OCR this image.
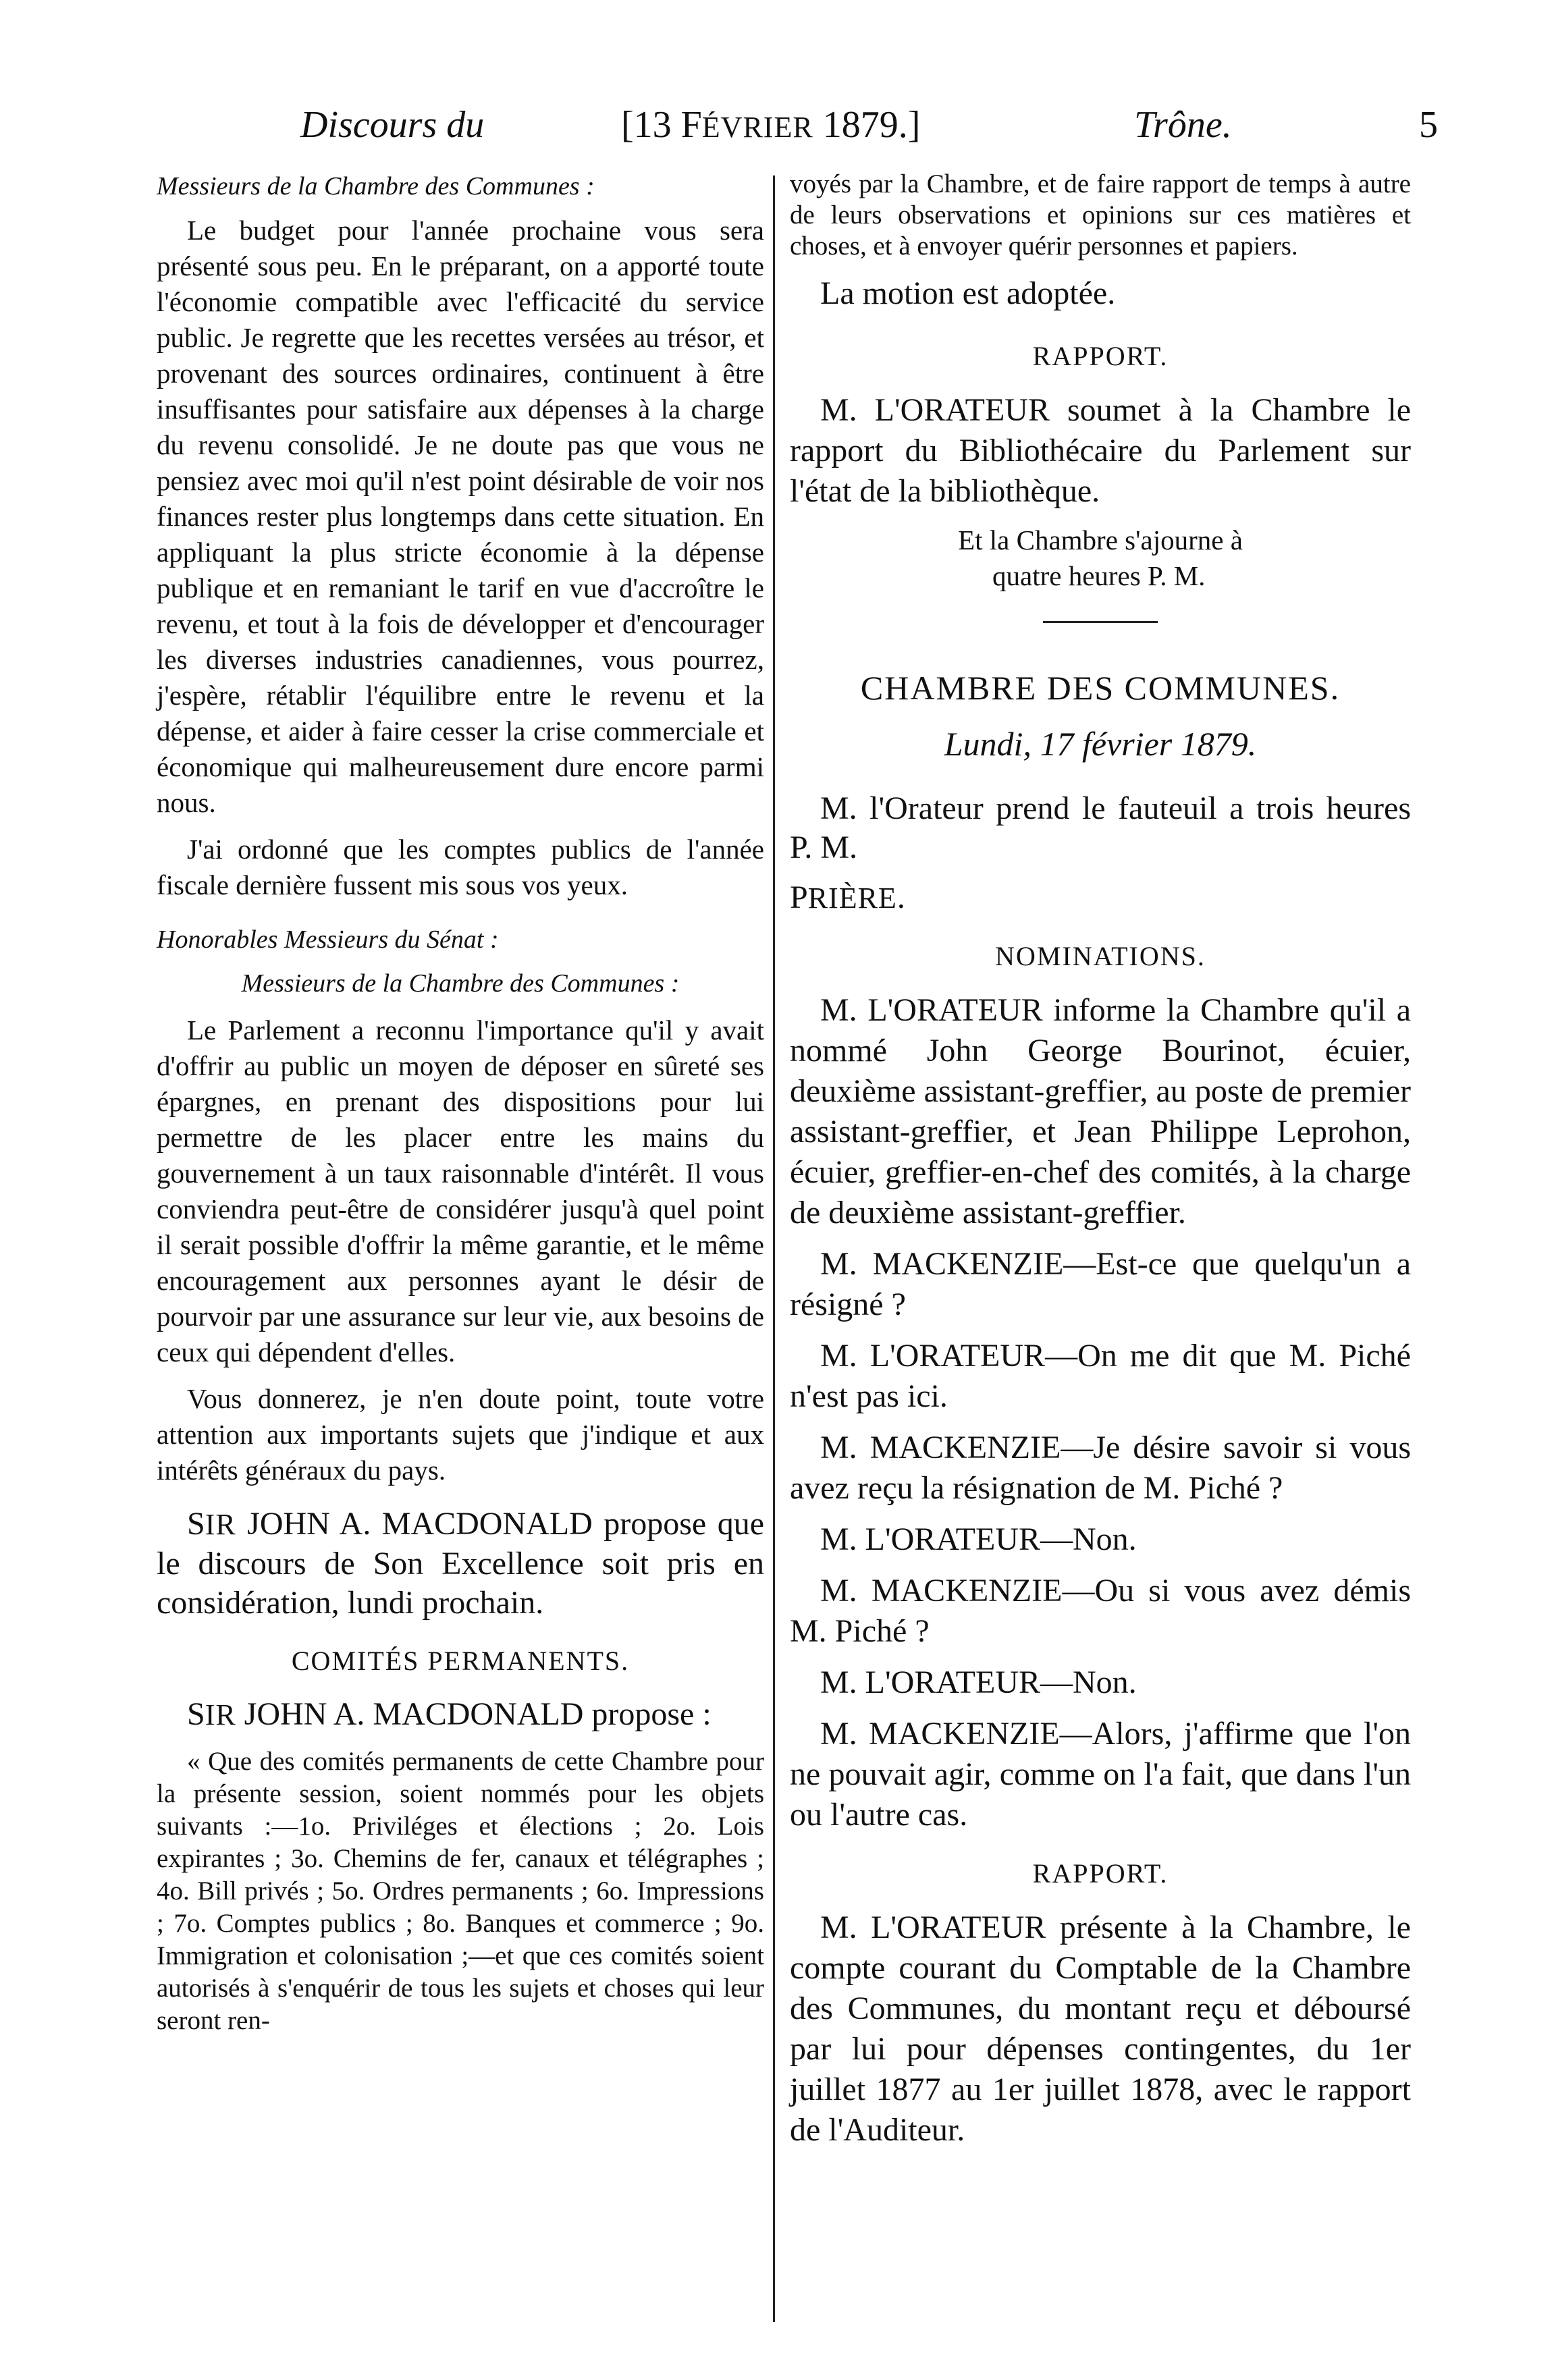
Discours du	[13 FÉVRIER 1879.]	Trône.	5

Messieurs de la Chambre des Communes :

Le budget pour l'année prochaine vous sera présenté sous peu. En le préparant, on a apporté toute l'économie compatible avec l'efficacité du service public. Je regrette que les recettes versées au trésor, et provenant des sources ordinaires, continuent à être insuffisantes pour satisfaire aux dépenses à la charge du revenu consolidé. Je ne doute pas que vous ne pensiez avec moi qu'il n'est point désirable de voir nos finances rester plus longtemps dans cette situation. En appliquant la plus stricte économie à la dépense publique et en remaniant le tarif en vue d'accroître le revenu, et tout à la fois de développer et d'encourager les diverses industries canadiennes, vous pourrez, j'espère, rétablir l'équilibre entre le revenu et la dépense, et aider à faire cesser la crise commerciale et économique qui malheureusement dure encore parmi nous.

J'ai ordonné que les comptes publics de l'année fiscale dernière fussent mis sous vos yeux.

Honorables Messieurs du Sénat :

Messieurs de la Chambre des Communes :

Le Parlement a reconnu l'importance qu'il y avait d'offrir au public un moyen de déposer en sûreté ses épargnes, en prenant des dispositions pour lui permettre de les placer entre les mains du gouvernement à un taux raisonnable d'intérêt. Il vous conviendra peut-être de considérer jusqu'à quel point il serait possible d'offrir la même garantie, et le même encouragement aux personnes ayant le désir de pourvoir par une assurance sur leur vie, aux besoins de ceux qui dépendent d'elles.

Vous donnerez, je n'en doute point, toute votre attention aux importants sujets que j'indique et aux intérêts généraux du pays.

SIR JOHN A. MACDONALD propose que le discours de Son Excellence soit pris en considération, lundi prochain.

COMITÉS PERMANENTS.

SIR JOHN A. MACDONALD propose :

« Que des comités permanents de cette Chambre pour la présente session, soient nommés pour les objets suivants :—1o. Priviléges et élections ; 2o. Lois expirantes ; 3o. Chemins de fer, canaux et télégraphes ; 4o. Bill privés ; 5o. Ordres permanents ; 6o. Impressions ; 7o. Comptes publics ; 8o. Banques et commerce ; 9o. Immigration et colonisation ;—et que ces comités soient autorisés à s'enquérir de tous les sujets et choses qui leur seront ren-

voyés par la Chambre, et de faire rapport de temps à autre de leurs observations et opinions sur ces matières et choses, et à envoyer quérir personnes et papiers.

La motion est adoptée.

RAPPORT.

M. L'ORATEUR soumet à la Chambre le rapport du Bibliothécaire du Parlement sur l'état de la bibliothèque.

Et la Chambre s'ajourne à

quatre heures P. M.

CHAMBRE DES COMMUNES.

Lundi, 17 février 1879.

M. l'Orateur prend le fauteuil a trois heures P. M.

PRIÈRE.

NOMINATIONS.

M. L'ORATEUR informe la Chambre qu'il a nommé John George Bourinot, écuier, deuxième assistant-greffier, au poste de premier assistant-greffier, et Jean Philippe Leprohon, écuier, greffier-en-chef des comités, à la charge de deuxième assistant-greffier.

M. MACKENZIE—Est-ce que quelqu'un a résigné ?

M. L'ORATEUR—On me dit que M. Piché n'est pas ici.

M. MACKENZIE—Je désire savoir si vous avez reçu la résignation de M. Piché ?

M. L'ORATEUR—Non.

M. MACKENZIE—Ou si vous avez démis M. Piché ?

M. L'ORATEUR—Non.

M. MACKENZIE—Alors, j'affirme que l'on ne pouvait agir, comme on l'a fait, que dans l'un ou l'autre cas.

RAPPORT.

M. L'ORATEUR présente à la Chambre, le compte courant du Comptable de la Chambre des Communes, du montant reçu et déboursé par lui pour dépenses contingentes, du 1er juillet 1877 au 1er juillet 1878, avec le rapport de l'Auditeur.
